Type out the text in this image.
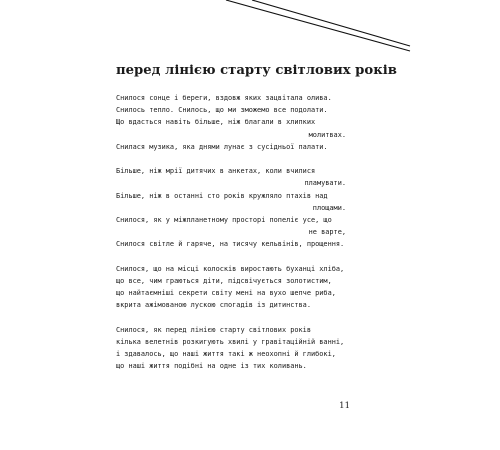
перед лінією старту світлових років
Снилося сонце і береги, вздовж яких зацвітала олива.
Снилось тепло. Снилось, що ми зможемо все подолати.
Що вдасться навіть більше, ніж благали в хлипких
молитвах.
Снилася музика, яка днями лунає з сусідньої палати.
Більше, ніж мрії дитячих в анкетах, коли вчилися
пламувати.
Більше, ніж в останні сто років кружляло птахів над
площами.
Снилося, як у міжпланетному просторі попеліє усе, що
не варте,
Снилося світле й гаряче, на тисячу кельвінів, прощення.
Снилося, що на місці колосків виростають буханці хліба,
що все, чим граються діти, підсвічується золотистим,
що найтаємніші секрети світу мені на вухо шепче риба,
вкрита ажімованою лускою спогадів із дитинства.
Снилося, як перед лінією старту світлових років
кілька велетнів розкигують хвилі у гравітаційній ванні,
і здавалось, що наші життя такі ж неохопні й глибокі,
що наші життя подібні на одне із тих коливань.
11
